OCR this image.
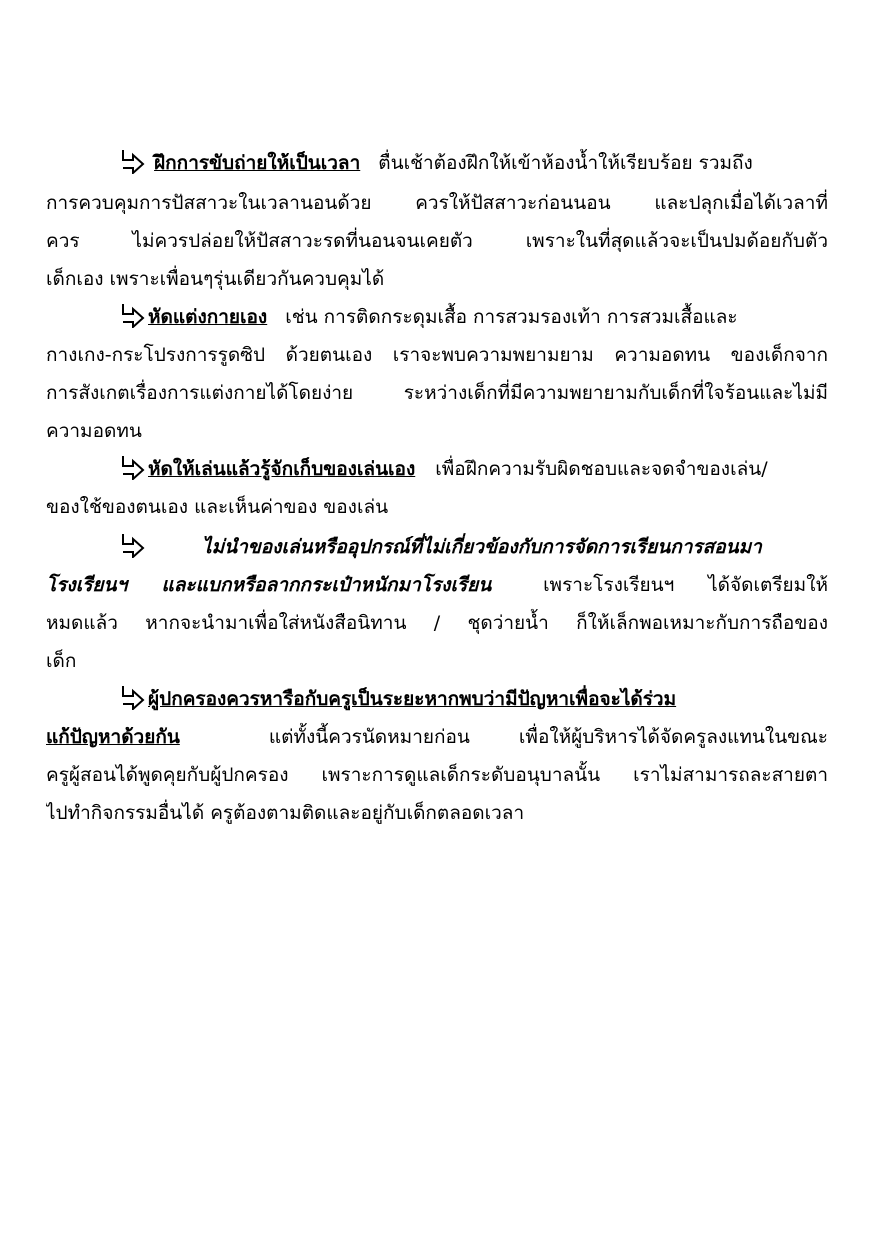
ฝึกการขับถ่ายให้เป็นเวลา ตื่นเช้าต้องฝึกให้เข้าห้องน้ำให้เรียบร้อย รวมถึง
การควบคุมการปัสสาวะในเวลานอนด้วย ควรให้ปัสสาวะก่อนนอน และปลุกเมื่อได้เวลาที่
ควร ไม่ควรปล่อยให้ปัสสาวะรดที่นอนจนเคยตัว เพราะในที่สุดแล้วจะเป็นปมด้อยกับตัว
เด็กเอง เพราะเพื่อนๆรุ่นเดียวกันควบคุมได้
หัดแต่งกายเอง เช่น การติดกระดุมเสื้อ การสวมรองเท้า การสวมเสื้อและ
กางเกง-กระโปรงการรูดซิป ด้วยตนเอง เราจะพบความพยามยาม ความอดทน ของเด็กจาก
การสังเกตเรื่องการแต่งกายได้โดยง่าย ระหว่างเด็กที่มีความพยายามกับเด็กที่ใจร้อนและไม่มี
ความอดทน
หัดให้เล่นแล้วรู้จักเก็บของเล่นเอง เพื่อฝึกความรับผิดชอบและจดจำของเล่น/
ของใช้ของตนเอง และเห็นค่าของ ของเล่น
ไม่นำของเล่นหรืออุปกรณ์ที่ไม่เกี่ยวข้องกับการจัดการเรียนการสอนมา
โรงเรียนฯ และแบกหรือลากกระเป๋าหนักมาโรงเรียน	เพราะโรงเรียนฯ ได้จัดเตรียมให้
หมดแล้ว หากจะนำมาเพื่อใส่หนังสือนิทาน / ชุดว่ายน้ำ ก็ให้เล็กพอเหมาะกับการถือของ
เด็ก
ผู้ปกครองควรหารือกับครูเป็นระยะหากพบว่ามีปัญหาเพื่อจะได้ร่วม
แก้ปัญหาด้วยกัน	แต่ทั้งนี้ควรนัดหมายก่อน เพื่อให้ผู้บริหารได้จัดครูลงแทนในขณะ
ครูผู้สอนได้พูดคุยกับผู้ปกครอง เพราะการดูแลเด็กระดับอนุบาลนั้น เราไม่สามารถละสายตา
ไปทำกิจกรรมอื่นได้ ครูต้องตามติดและอยู่กับเด็กตลอดเวลา
